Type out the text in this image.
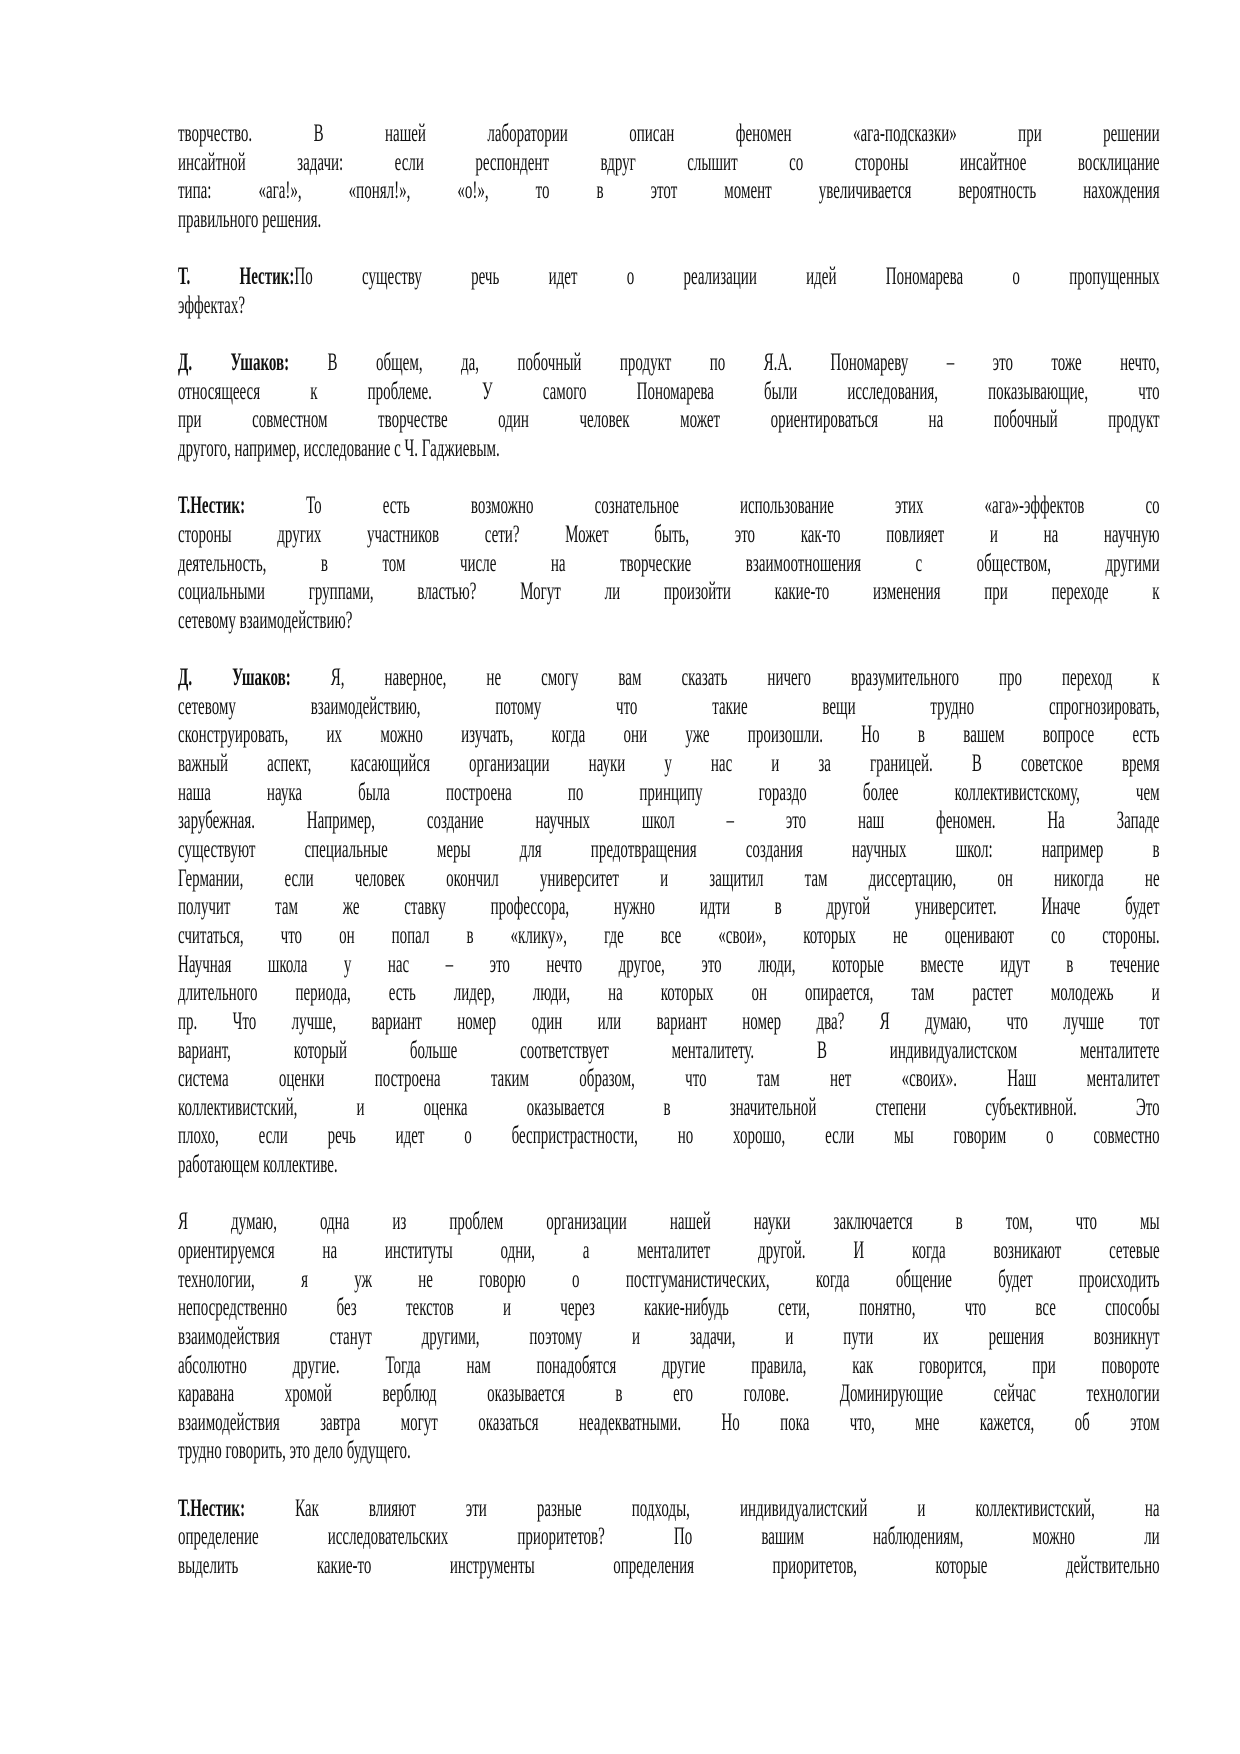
творчество. В нашей лаборатории описан феномен «ага-подсказки» при решении
инсайтной задачи: если респондент вдруг слышит со стороны инсайтное восклицание
типа: «ага!», «понял!», «о!», то в этот момент увеличивается вероятность нахождения
правильного решения.
Т. Нестик:По существу речь идет о реализации идей Пономарева о пропущенных
эффектах?
Д. Ушаков: В общем, да, побочный продукт по Я.А. Пономареву – это тоже нечто,
относящееся к проблеме. У самого Пономарева были исследования, показывающие, что
при совместном творчестве один человек может ориентироваться на побочный продукт
другого, например, исследование с Ч. Гаджиевым.
Т.Нестик: То есть возможно сознательное использование этих «ага»-эффектов со
стороны других участников сети? Может быть, это как-то повлияет и на научную
деятельность, в том числе на творческие взаимоотношения с обществом, другими
социальными группами, властью? Могут ли произойти какие-то изменения при переходе к
сетевому взаимодействию?
Д. Ушаков: Я, наверное, не смогу вам сказать ничего вразумительного про переход к
сетевому взаимодействию, потому что такие вещи трудно спрогнозировать,
сконструировать, их можно изучать, когда они уже произошли. Но в вашем вопросе есть
важный аспект, касающийся организации науки у нас и за границей. В советское время
наша наука была построена по принципу гораздо более коллективистскому, чем
зарубежная. Например, создание научных школ – это наш феномен. На Западе
существуют специальные меры для предотвращения создания научных школ: например в
Германии, если человек окончил университет и защитил там диссертацию, он никогда не
получит там же ставку профессора, нужно идти в другой университет. Иначе будет
считаться, что он попал в «клику», где все «свои», которых не оценивают со стороны.
Научная школа у нас – это нечто другое, это люди, которые вместе идут в течение
длительного периода, есть лидер, люди, на которых он опирается, там растет молодежь и
пр. Что лучше, вариант номер один или вариант номер два? Я думаю, что лучше тот
вариант, который больше соответствует менталитету. В индивидуалистском менталитете
система оценки построена таким образом, что там нет «своих». Наш менталитет
коллективистский, и оценка оказывается в значительной степени субъективной. Это
плохо, если речь идет о беспристрастности, но хорошо, если мы говорим о совместно
работающем коллективе.
Я думаю, одна из проблем организации нашей науки заключается в том, что мы
ориентируемся на институты одни, а менталитет другой. И когда возникают сетевые
технологии, я уж не говорю о постгуманистических, когда общение будет происходить
непосредственно без текстов и через какие-нибудь сети, понятно, что все способы
взаимодействия станут другими, поэтому и задачи, и пути их решения возникнут
абсолютно другие. Тогда нам понадобятся другие правила, как говорится, при повороте
каравана хромой верблюд оказывается в его голове. Доминирующие сейчас технологии
взаимодействия завтра могут оказаться неадекватными. Но пока что, мне кажется, об этом
трудно говорить, это дело будущего.
Т.Нестик: Как влияют эти разные подходы, индивидуалистский и коллективистский, на
определение исследовательских приоритетов? По вашим наблюдениям, можно ли
выделить какие-то инструменты определения приоритетов, которые действительно
